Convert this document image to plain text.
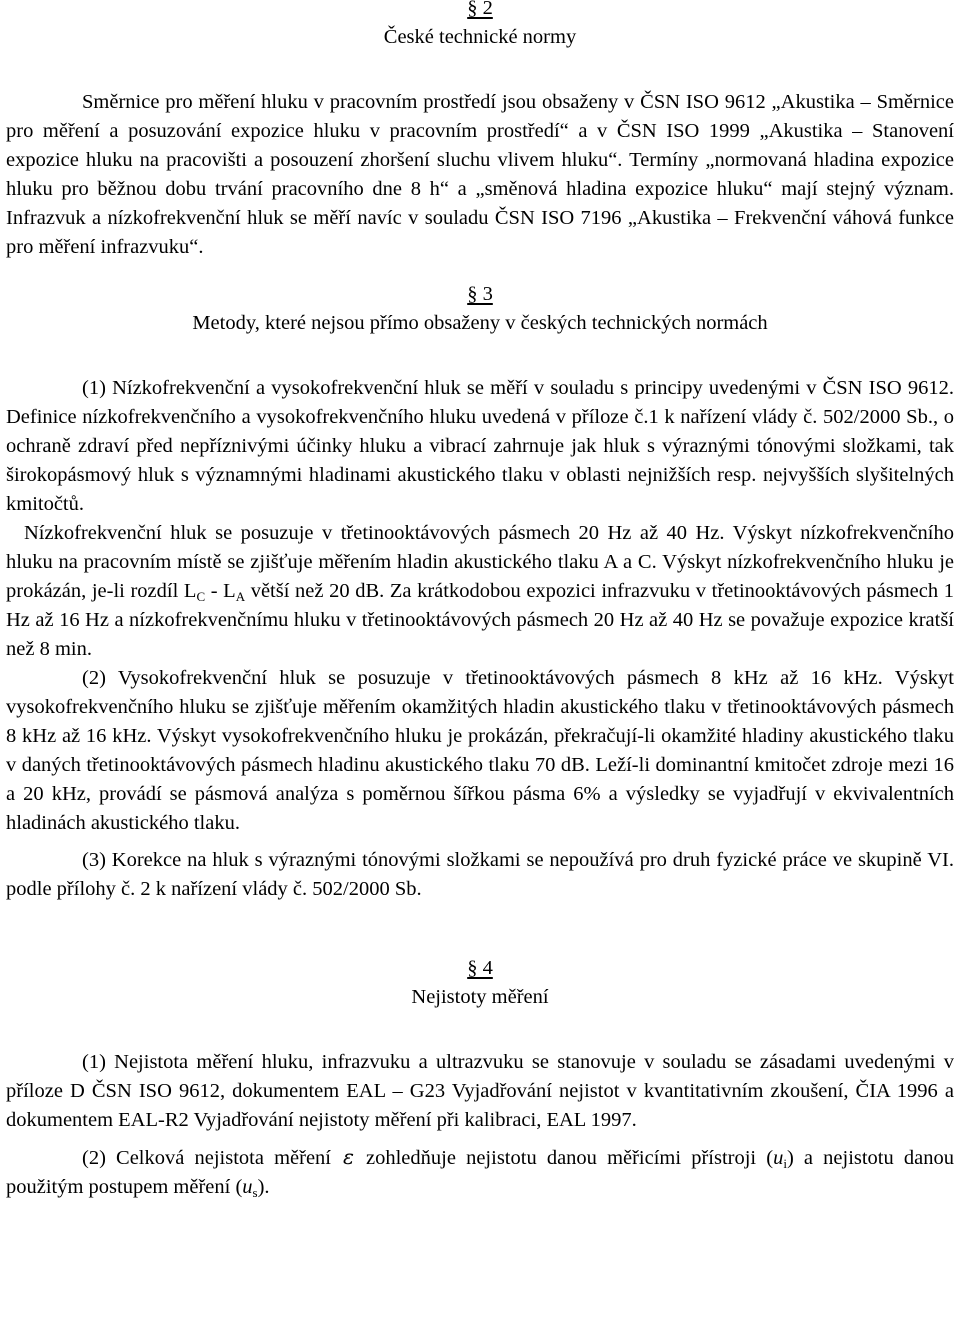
§ 2
České technické normy

Směrnice pro měření hluku v pracovním prostředí jsou obsaženy v ČSN ISO 9612 „Akustika – Směrnice pro měření a posuzování expozice hluku v pracovním prostředí“ a v ČSN ISO 1999 „Akustika – Stanovení expozice hluku na pracovišti a posouzení zhoršení sluchu vlivem hluku“. Termíny „normovaná hladina expozice hluku pro běžnou dobu trvání pracovního dne 8 h“ a „směnová hladina expozice hluku“ mají stejný význam. Infrazvuk a nízkofrekvenční hluk se měří navíc v souladu ČSN ISO 7196 „Akustika – Frekvenční váhová funkce pro měření infrazvuku“.

§ 3
Metody, které nejsou přímo obsaženy v českých technických normách

(1) Nízkofrekvenční a vysokofrekvenční hluk se měří v souladu s principy uvedenými v ČSN ISO 9612. Definice nízkofrekvenčního a vysokofrekvenčního hluku uvedená v příloze č.1 k nařízení vlády č. 502/2000 Sb., o ochraně zdraví před nepříznivými účinky hluku a vibrací zahrnuje jak hluk s výraznými tónovými složkami, tak širokopásmový hluk s významnými hladinami akustického tlaku v oblasti nejnižších resp. nejvyšších slyšitelných kmitočtů.

Nízkofrekvenční hluk se posuzuje v třetinooktávových pásmech 20 Hz až 40 Hz. Výskyt nízkofrekvenčního hluku na pracovním místě se zjišťuje měřením hladin akustického tlaku A a C. Výskyt nízkofrekvenčního hluku je prokázán, je-li rozdíl $L_C - L_A$ větší než 20 dB. Za krátkodobou expozici infrazvuku v třetinooktávových pásmech 1 Hz až 16 Hz a nízkofrekvenčnímu hluku v třetinooktávových pásmech 20 Hz až 40 Hz se považuje expozice kratší než 8 min.

(2) Vysokofrekvenční hluk se posuzuje v třetinooktávových pásmech 8 kHz až 16 kHz. Výskyt vysokofrekvenčního hluku se zjišťuje měřením okamžitých hladin akustického tlaku v třetinooktávových pásmech 8 kHz až 16 kHz. Výskyt vysokofrekvenčního hluku je prokázán, překračují-li okamžité hladiny akustického tlaku v daných třetinooktávových pásmech hladinu akustického tlaku 70 dB. Leží-li dominantní kmitočet zdroje mezi 16 a 20 kHz, provádí se pásmová analýza s poměrnou šířkou pásma 6% a výsledky se vyjadřují v ekvivalentních hladinách akustického tlaku.

(3) Korekce na hluk s výraznými tónovými složkami se nepoužívá pro druh fyzické práce ve skupině VI. podle přílohy č. 2 k nařízení vlády č. 502/2000 Sb.

§ 4
Nejistoty měření

(1) Nejistota měření hluku, infrazvuku a ultrazvuku se stanovuje v souladu se zásadami uvedenými v příloze D ČSN ISO 9612, dokumentem EAL – G23 Vyjadřování nejistot v kvantitativním zkoušení, ČIA 1996 a dokumentem EAL-R2 Vyjadřování nejistoty měření při kalibraci, EAL 1997.

(2) Celková nejistota měření ε zohledňuje nejistotu danou měřicími přístroji $(u_i)$ a nejistotu danou použitým postupem měření $(u_s)$.
